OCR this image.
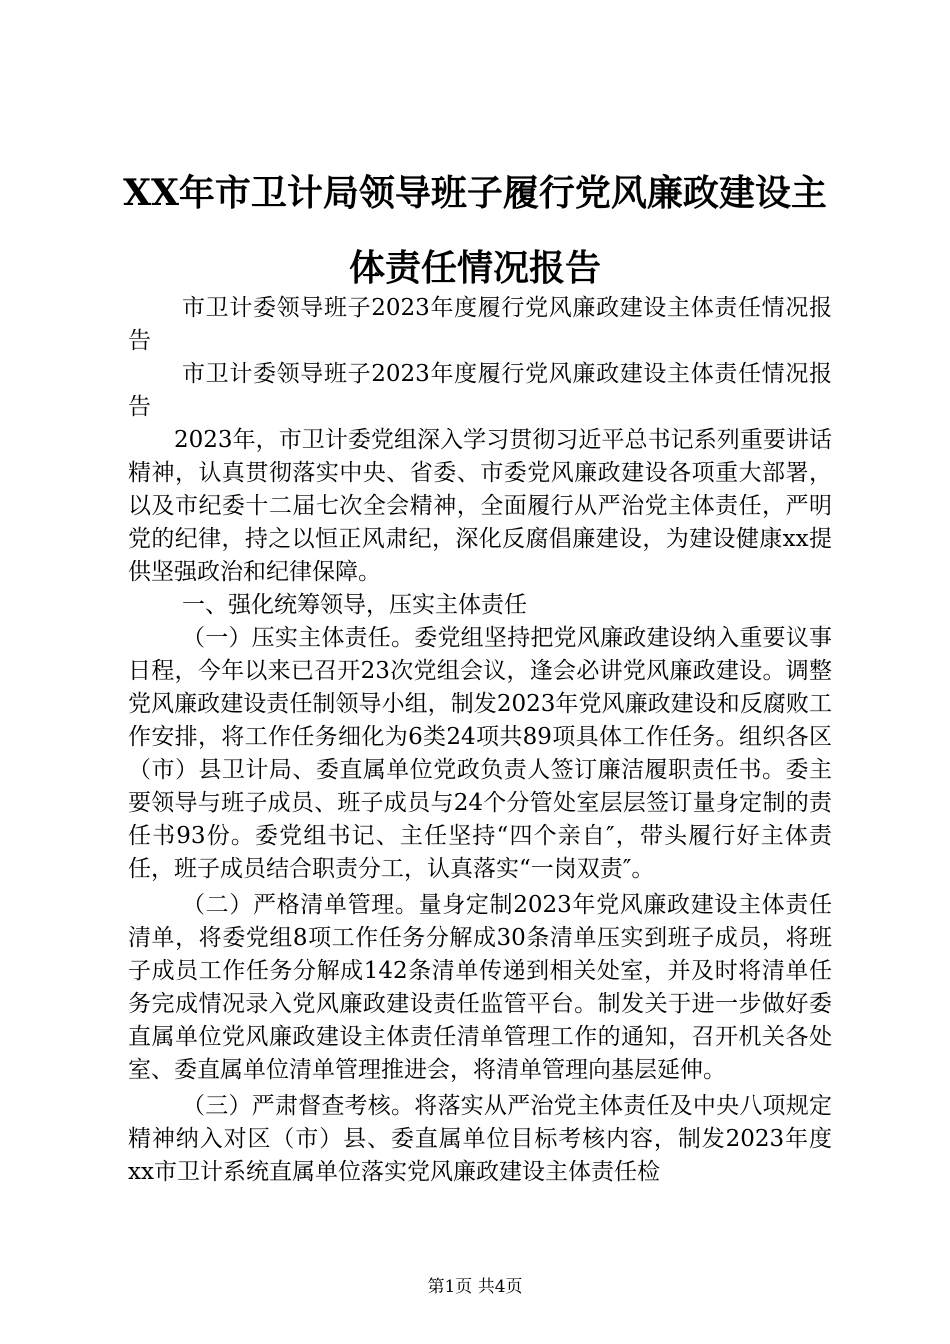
XX年市卫计局领导班子履行党风廉政建设主
体责任情况报告

市卫计委领导班子2023年度履行党风廉政建设主体责任情况报告

市卫计委领导班子2023年度履行党风廉政建设主体责任情况报告

2023年，市卫计委党组深入学习贯彻习近平总书记系列重要讲话精神，认真贯彻落实中央、省委、市委党风廉政建设各项重大部署，以及市纪委十二届七次全会精神，全面履行从严治党主体责任，严明党的纪律，持之以恒正风肃纪，深化反腐倡廉建设，为建设健康xx提供坚强政治和纪律保障。

一、强化统筹领导，压实主体责任

（一）压实主体责任。委党组坚持把党风廉政建设纳入重要议事日程，今年以来已召开23次党组会议，逢会必讲党风廉政建设。调整党风廉政建设责任制领导小组，制发2023年党风廉政建设和反腐败工作安排，将工作任务细化为6类24项共89项具体工作任务。组织各区（市）县卫计局、委直属单位党政负责人签订廉洁履职责任书。委主要领导与班子成员、班子成员与24个分管处室层层签订量身定制的责任书93份。委党组书记、主任坚持“四个亲自″，带头履行好主体责任，班子成员结合职责分工，认真落实“一岗双责″。

（二）严格清单管理。量身定制2023年党风廉政建设主体责任清单，将委党组8项工作任务分解成30条清单压实到班子成员，将班子成员工作任务分解成142条清单传递到相关处室，并及时将清单任务完成情况录入党风廉政建设责任监管平台。制发关于进一步做好委直属单位党风廉政建设主体责任清单管理工作的通知，召开机关各处室、委直属单位清单管理推进会，将清单管理向基层延伸。

（三）严肃督查考核。将落实从严治党主体责任及中央八项规定精神纳入对区（市）县、委直属单位目标考核内容，制发2023年度xx市卫计系统直属单位落实党风廉政建设主体责任检

第1页 共4页
